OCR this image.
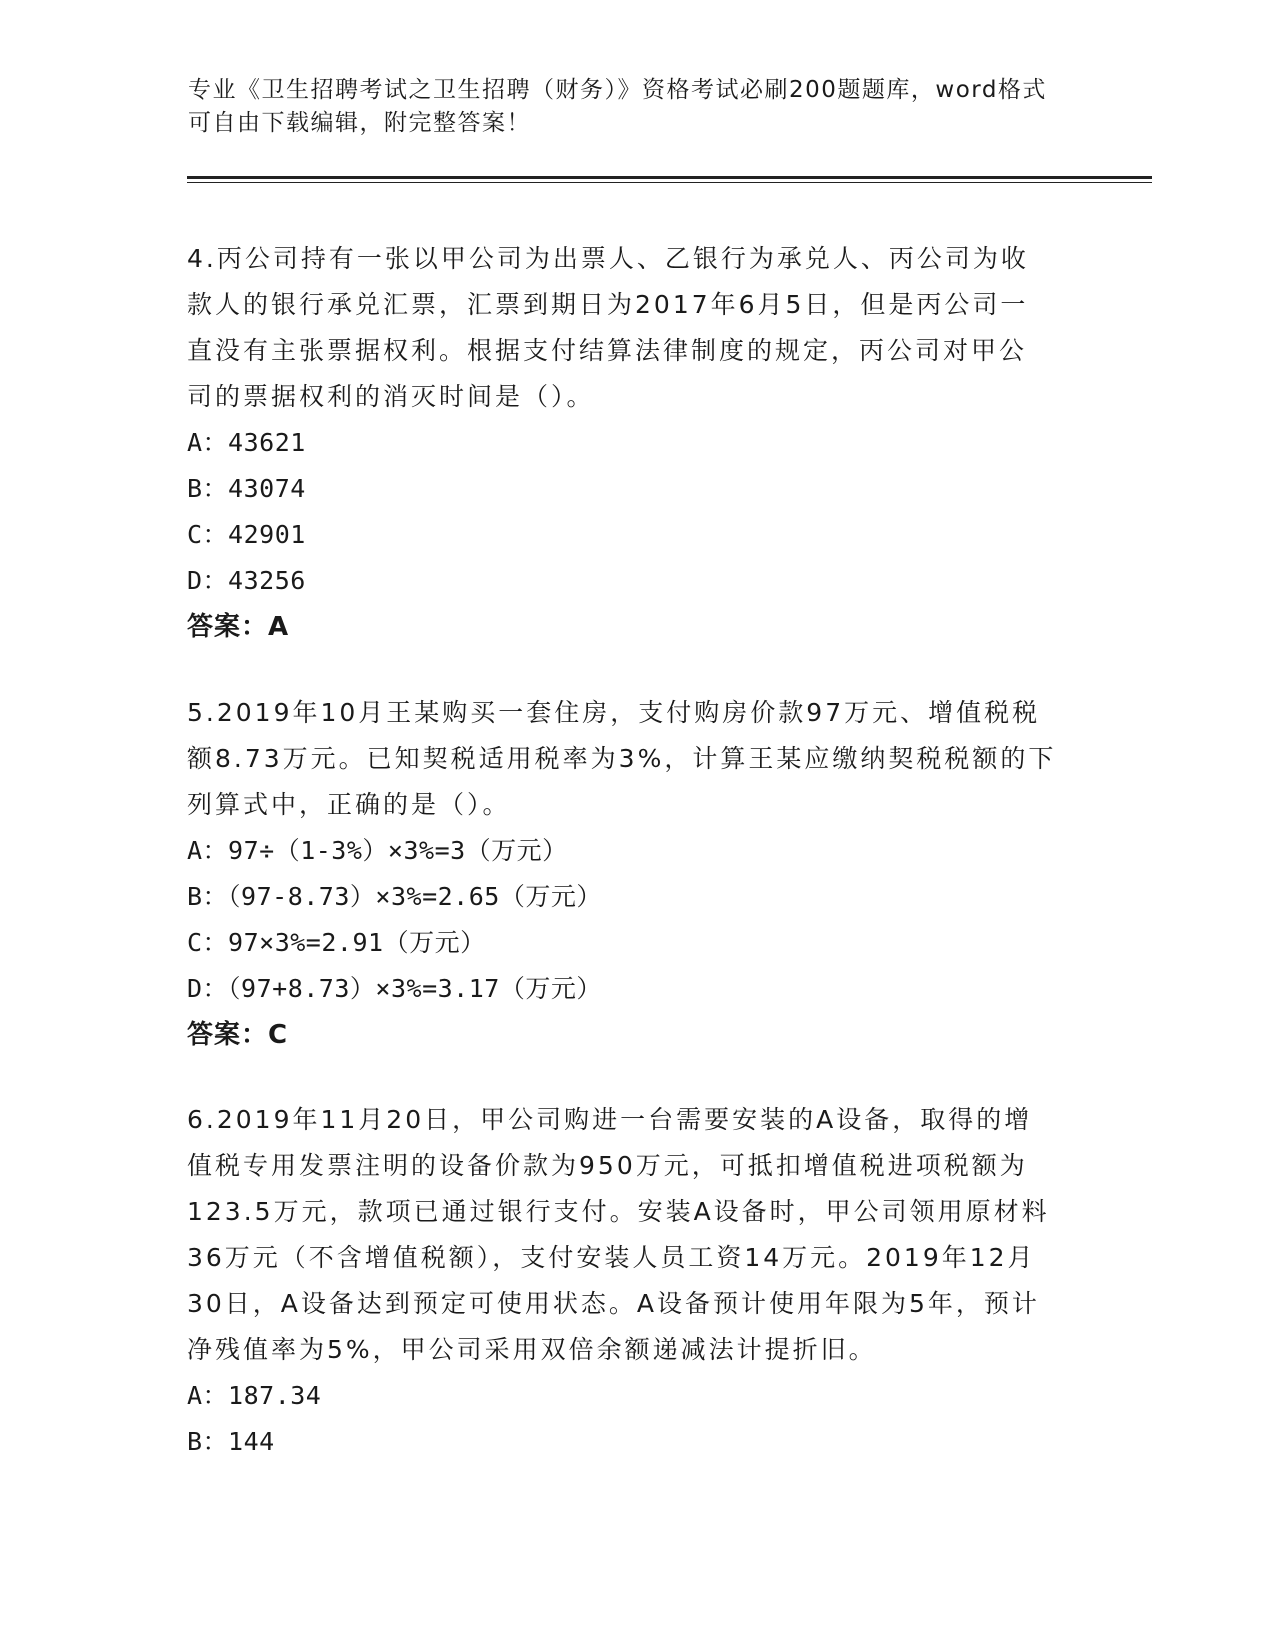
专业《卫生招聘考试之卫生招聘（财务）》资格考试必刷200题题库，word格式
可自由下载编辑，附完整答案！
4.丙公司持有一张以甲公司为出票人、乙银行为承兑人、丙公司为收
款人的银行承兑汇票，汇票到期日为2017年6月5日，但是丙公司一
直没有主张票据权利。根据支付结算法律制度的规定，丙公司对甲公
司的票据权利的消灭时间是（）。
A：43621
B：43074
C：42901
D：43256
答案：A
5.2019年10月王某购买一套住房，支付购房价款97万元、增值税税
额8.73万元。已知契税适用税率为3%，计算王某应缴纳契税税额的下
列算式中，正确的是（）。
A：97÷（1-3%）×3%=3（万元）
B：（97-8.73）×3%=2.65（万元）
C：97×3%=2.91（万元）
D：（97+8.73）×3%=3.17（万元）
答案：C
6.2019年11月20日，甲公司购进一台需要安装的A设备，取得的增
值税专用发票注明的设备价款为950万元，可抵扣增值税进项税额为
123.5万元，款项已通过银行支付。安装A设备时，甲公司领用原材料
36万元（不含增值税额），支付安装人员工资14万元。2019年12月
30日，A设备达到预定可使用状态。A设备预计使用年限为5年，预计
净残值率为5%，甲公司采用双倍余额递减法计提折旧。
A：187.34
B：144
